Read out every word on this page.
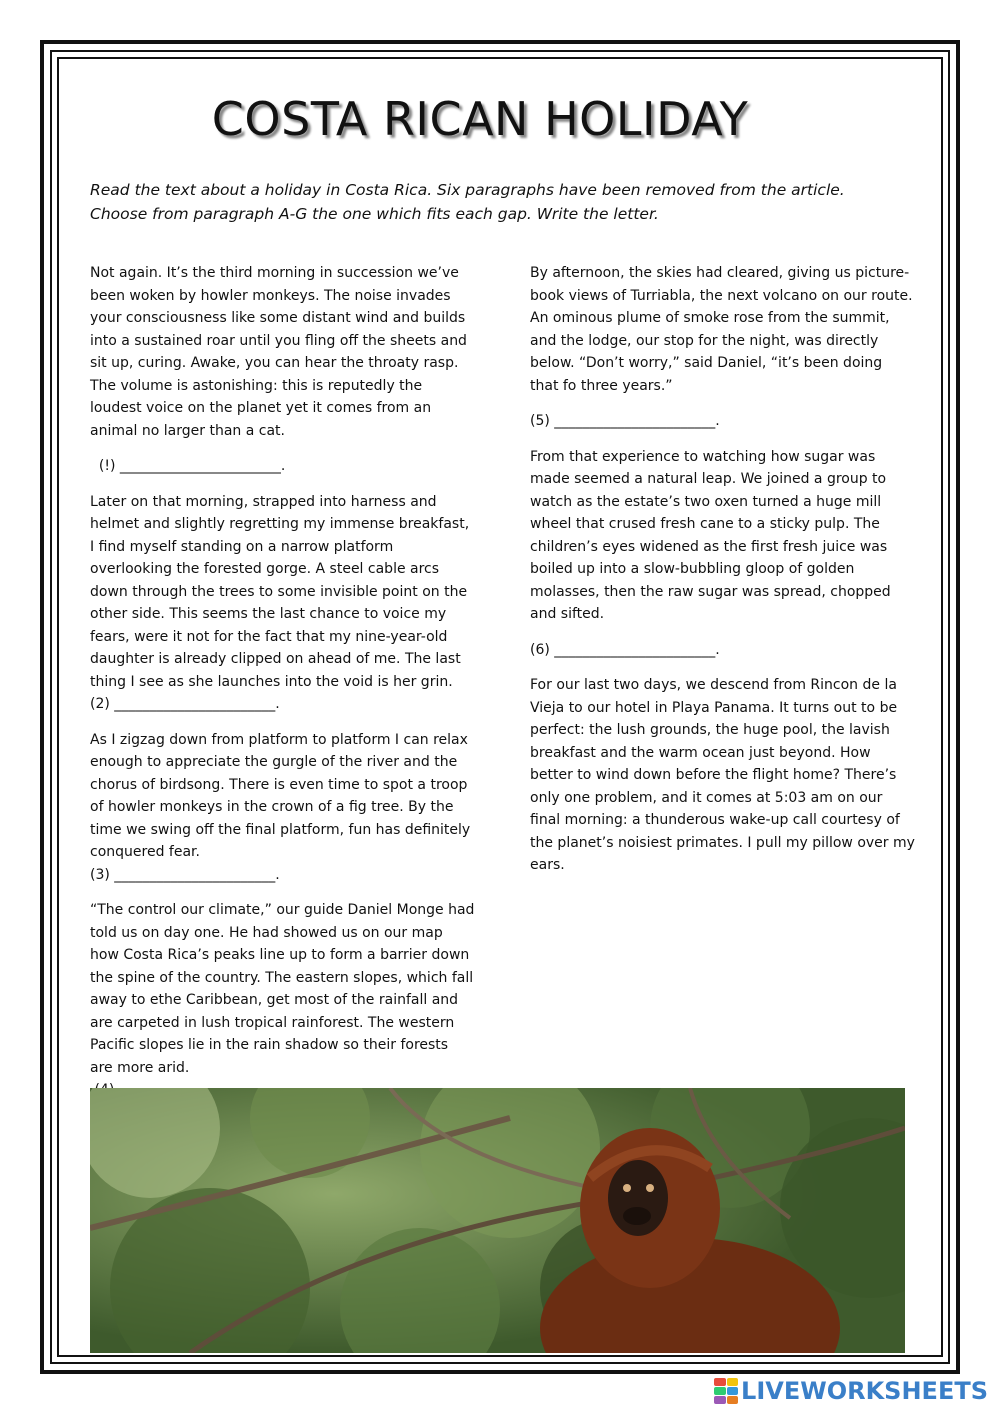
COSTA RICAN HOLIDAY

Read the text about a holiday in Costa Rica. Six paragraphs have been removed from the article. Choose from paragraph A-G the one which fits each gap. Write the letter.

Not again. It’s the third morning in succession we’ve been woken by howler monkeys. The noise invades your consciousness like some distant wind and builds into a sustained roar until you fling off the sheets and sit up, curing. Awake, you can hear the throaty rasp. The volume is astonishing: this is reputedly the loudest voice on the planet yet it comes from an animal no larger than a cat.

(!) _______________________.

Later on that morning, strapped into harness and helmet and slightly regretting my immense breakfast, I find myself standing on a narrow platform overlooking the forested gorge. A steel cable arcs down through the trees to some invisible point on the other side. This seems the last chance to voice my fears, were it not for the fact that my nine-year-old daughter is already clipped on ahead of me. The last thing I see as she launches into the void is her grin.

(2) _______________________.

As I zigzag down from platform to platform I can relax enough to appreciate the gurgle of the river and the chorus of birdsong. There is even time to spot a troop of howler monkeys in the crown of a fig tree. By the time we swing off the final platform, fun has definitely conquered fear.

(3) _______________________.

“The control our climate,” our guide Daniel Monge had told us on day one. He had showed us on our map how Costa Rica’s peaks line up to form a barrier down the spine of the country. The eastern slopes, which fall away to ethe Caribbean, get most of the rainfall and are carpeted in lush tropical rainforest. The western Pacific slopes lie in the rain shadow so their forests are more arid.

By afternoon, the skies had cleared, giving us picture-book views of Turriabla, the next volcano on our route. An ominous plume of smoke rose from the summit, and the lodge, our stop for the night, was directly below. “Don’t worry,” said Daniel, “it’s been doing that fo three years.”

(5) _______________________.

From that experience to watching how sugar was made seemed a natural leap. We joined a group to watch as the estate’s two oxen turned a huge mill wheel that crused fresh cane to a sticky pulp. The children’s eyes widened as the first fresh juice was boiled up into a slow-bubbling gloop of golden molasses, then the raw sugar was spread, chopped and sifted.

(6) _______________________.

For our last two days, we descend from Rincon de la Vieja to our hotel in Playa Panama. It turns out to be perfect: the lush grounds, the huge pool, the lavish breakfast and the warm ocean just beyond. How better to wind down before the flight home? There’s only one problem, and it comes at 5:03 am on our final morning: a thunderous wake-up call courtesy of the planet’s noisiest primates. I pull my pillow over my ears.

LIVEWORKSHEETS
